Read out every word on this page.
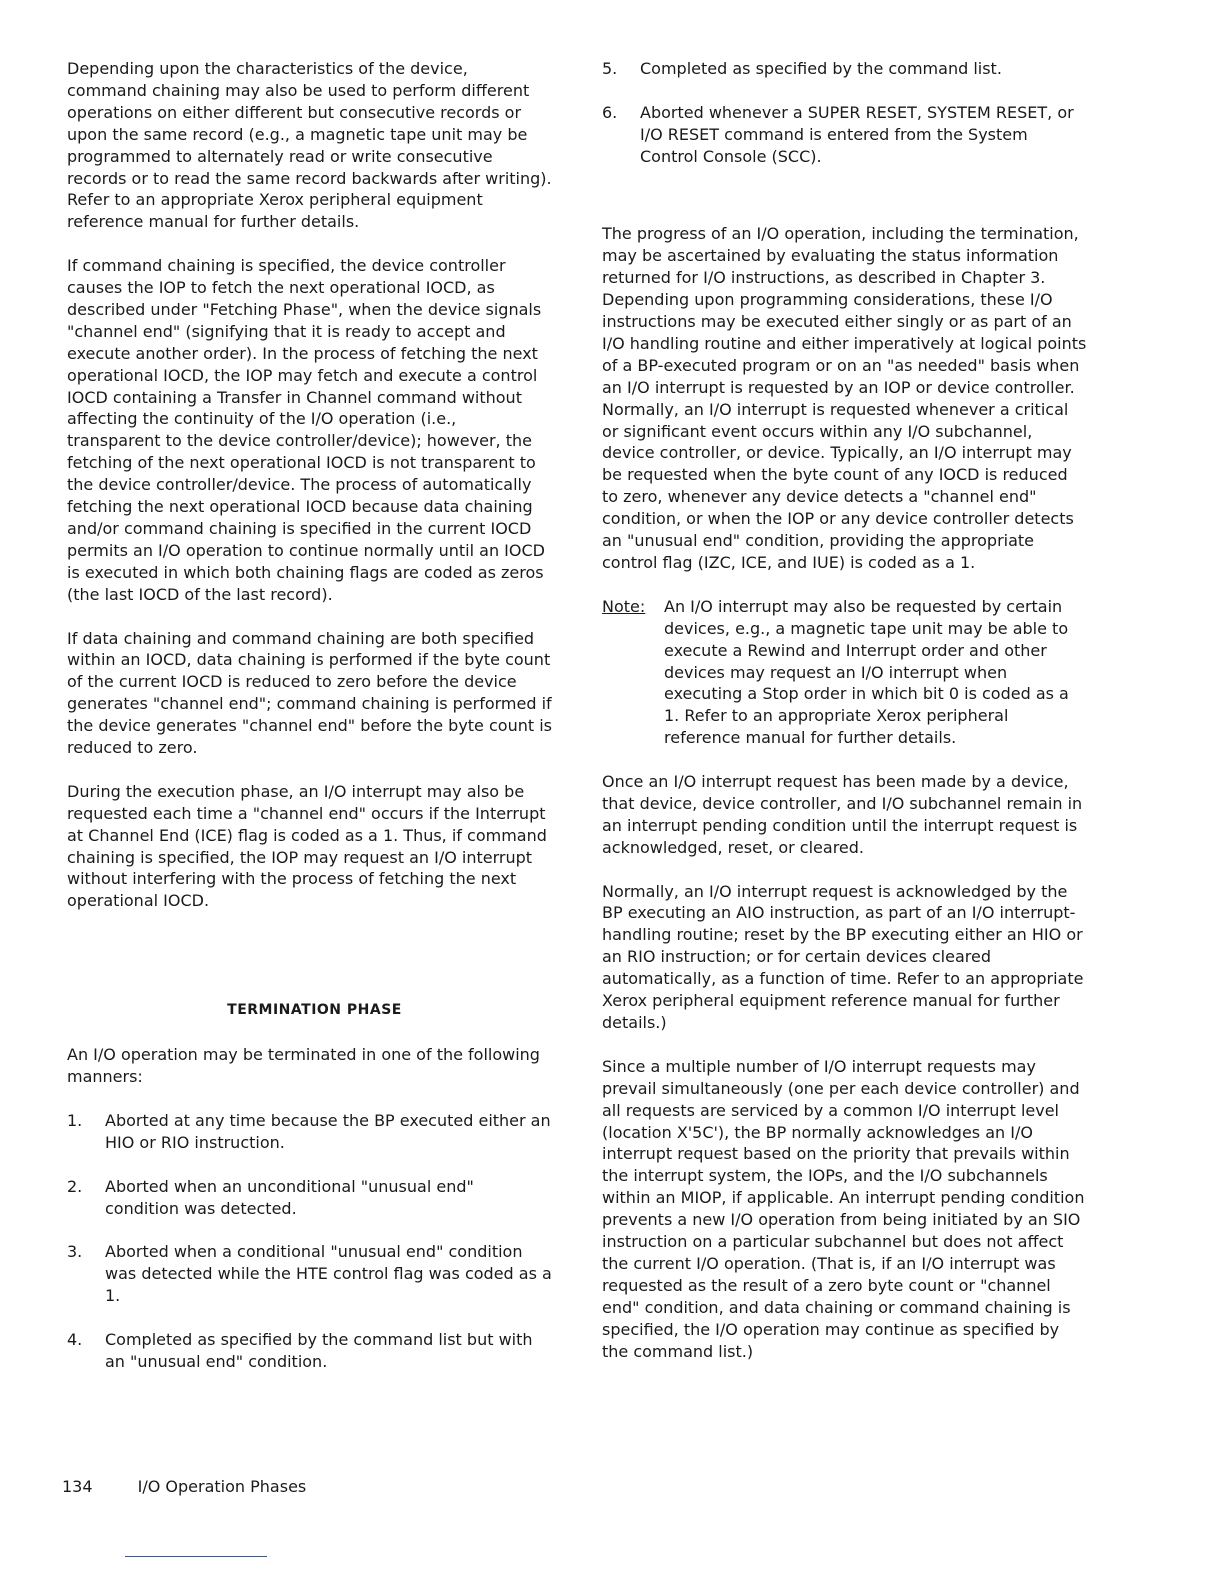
Depending upon the characteristics of the device, command chaining may also be used to perform different operations on either different but consecutive records or upon the same record (e.g., a magnetic tape unit may be programmed to alternately read or write consecutive records or to read the same record backwards after writing). Refer to an appropriate Xerox peripheral equipment reference manual for further details.

If command chaining is specified, the device controller causes the IOP to fetch the next operational IOCD, as described under "Fetching Phase", when the device signals "channel end" (signifying that it is ready to accept and execute another order). In the process of fetching the next operational IOCD, the IOP may fetch and execute a control IOCD containing a Transfer in Channel command without affecting the continuity of the I/O operation (i.e., transparent to the device controller/device); however, the fetching of the next operational IOCD is not transparent to the device controller/device. The process of automatically fetching the next operational IOCD because data chaining and/or command chaining is specified in the current IOCD permits an I/O operation to continue normally until an IOCD is executed in which both chaining flags are coded as zeros (the last IOCD of the last record).

If data chaining and command chaining are both specified within an IOCD, data chaining is performed if the byte count of the current IOCD is reduced to zero before the device generates "channel end"; command chaining is performed if the device generates "channel end" before the byte count is reduced to zero.

During the execution phase, an I/O interrupt may also be requested each time a "channel end" occurs if the Interrupt at Channel End (ICE) flag is coded as a 1. Thus, if command chaining is specified, the IOP may request an I/O interrupt without interfering with the process of fetching the next operational IOCD.

TERMINATION PHASE

An I/O operation may be terminated in one of the following manners:

1.	Aborted at any time because the BP executed either an HIO or RIO instruction.
2.	Aborted when an unconditional "unusual end" condition was detected.
3.	Aborted when a conditional "unusual end" condition was detected while the HTE control flag was coded as a 1.
4.	Completed as specified by the command list but with an "unusual end" condition.
5.	Completed as specified by the command list.
6.	Aborted whenever a SUPER RESET, SYSTEM RESET, or I/O RESET command is entered from the System Control Console (SCC).

The progress of an I/O operation, including the termination, may be ascertained by evaluating the status information returned for I/O instructions, as described in Chapter 3. Depending upon programming considerations, these I/O instructions may be executed either singly or as part of an I/O handling routine and either imperatively at logical points of a BP-executed program or on an "as needed" basis when an I/O interrupt is requested by an IOP or device controller. Normally, an I/O interrupt is requested whenever a critical or significant event occurs within any I/O subchannel, device controller, or device. Typically, an I/O interrupt may be requested when the byte count of any IOCD is reduced to zero, whenever any device detects a "channel end" condition, or when the IOP or any device controller detects an "unusual end" condition, providing the appropriate control flag (IZC, ICE, and IUE) is coded as a 1.

Note:	An I/O interrupt may also be requested by certain devices, e.g., a magnetic tape unit may be able to execute a Rewind and Interrupt order and other devices may request an I/O interrupt when executing a Stop order in which bit 0 is coded as a 1. Refer to an appropriate Xerox peripheral reference manual for further details.

Once an I/O interrupt request has been made by a device, that device, device controller, and I/O subchannel remain in an interrupt pending condition until the interrupt request is acknowledged, reset, or cleared.

Normally, an I/O interrupt request is acknowledged by the BP executing an AIO instruction, as part of an I/O interrupt-handling routine; reset by the BP executing either an HIO or an RIO instruction; or for certain devices cleared automatically, as a function of time. Refer to an appropriate Xerox peripheral equipment reference manual for further details.)

Since a multiple number of I/O interrupt requests may prevail simultaneously (one per each device controller) and all requests are serviced by a common I/O interrupt level (location X'5C'), the BP normally acknowledges an I/O interrupt request based on the priority that prevails within the interrupt system, the IOPs, and the I/O subchannels within an MIOP, if applicable. An interrupt pending condition prevents a new I/O operation from being initiated by an SIO instruction on a particular subchannel but does not affect the current I/O operation. (That is, if an I/O interrupt was requested as the result of a zero byte count or "channel end" condition, and data chaining or command chaining is specified, the I/O operation may continue as specified by the command list.)

134	I/O Operation Phases
